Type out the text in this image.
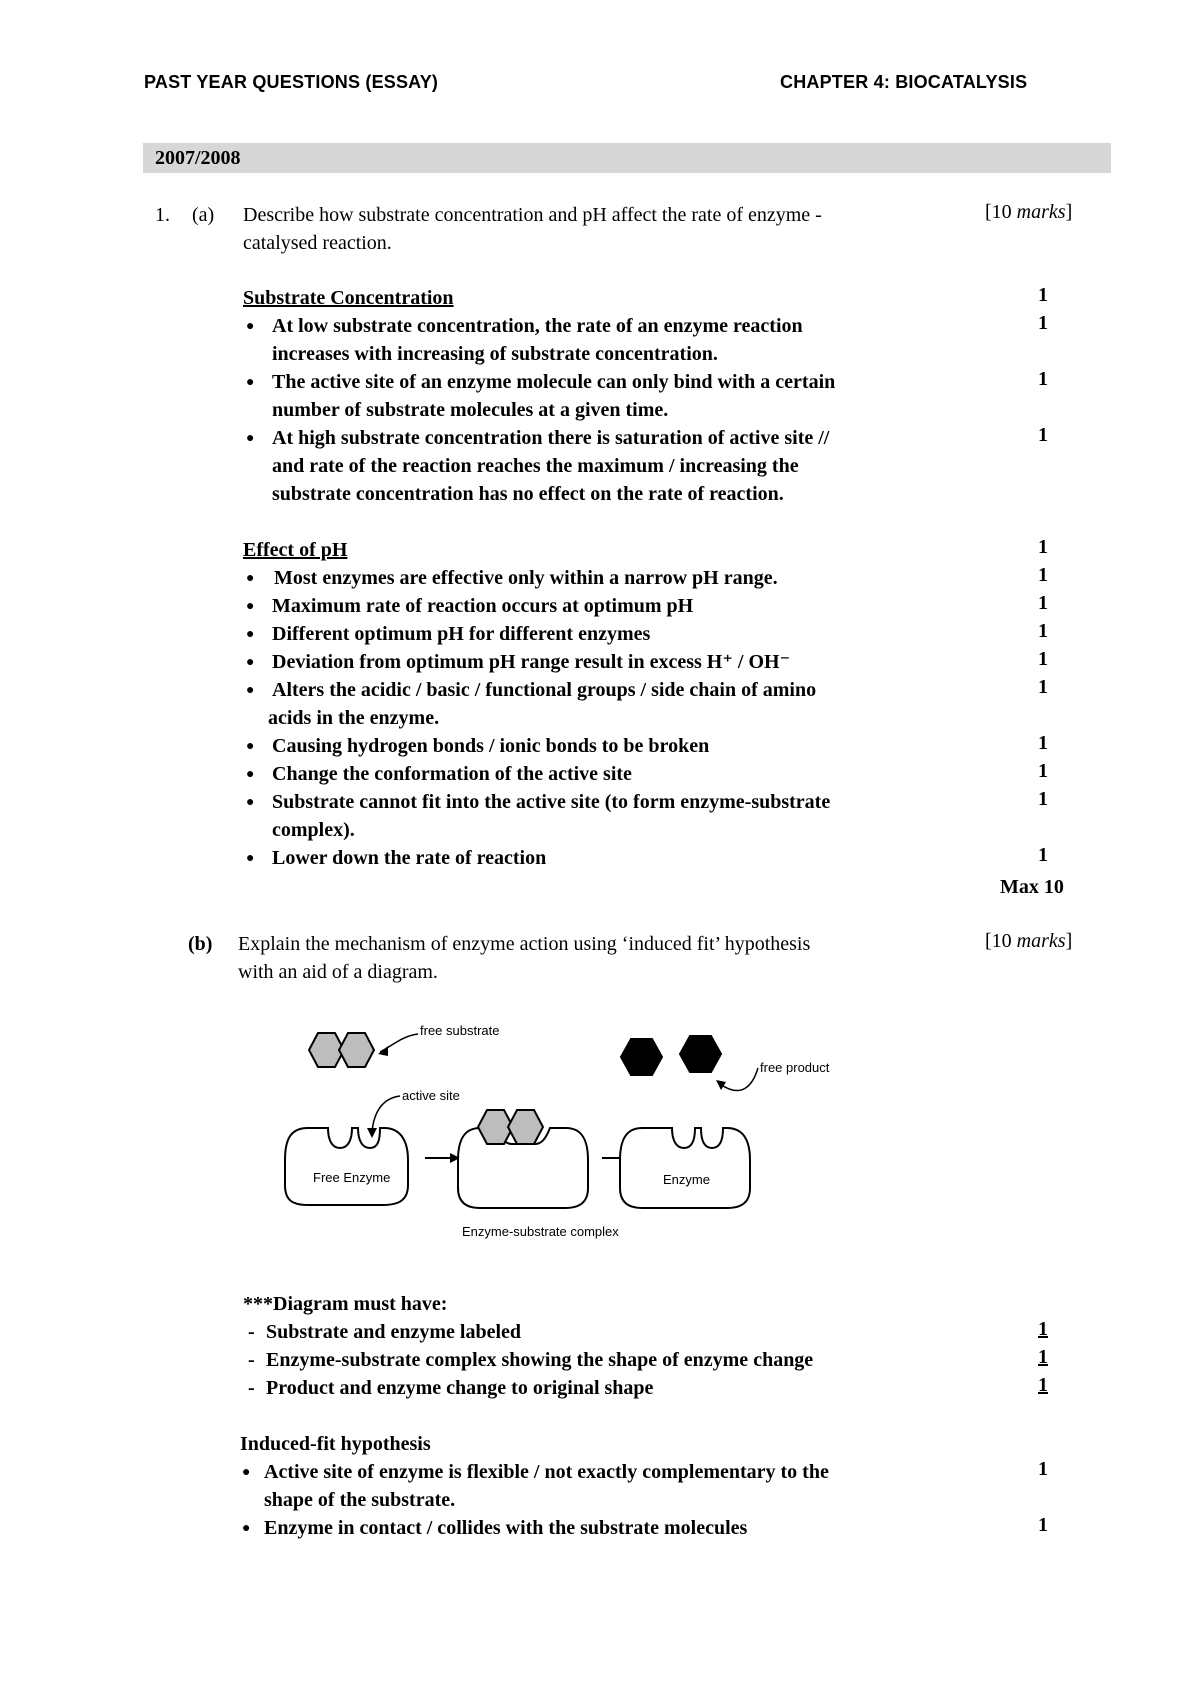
PAST YEAR QUESTIONS (ESSAY)	CHAPTER 4: BIOCATALYSIS
2007/2008
1. (a) Describe how substrate concentration and pH affect the rate of enzyme -
catalysed reaction.
[10 marks]
Substrate Concentration	1
● At low substrate concentration, the rate of an enzyme reaction
increases with increasing of substrate concentration.
1
● The active site of an enzyme molecule can only bind with a certain
number of substrate molecules at a given time.
1
● At high substrate concentration there is saturation of active site //
and rate of the reaction reaches the maximum / increasing the
substrate concentration has no effect on the rate of reaction.
1
Effect of pH	1
● Most enzymes are effective only within a narrow pH range.	1
● Maximum rate of reaction occurs at optimum pH	1
● Different optimum pH for different enzymes	1
● Deviation from optimum pH range result in excess H⁺ / OH⁻	1
● Alters the acidic / basic / functional groups / side chain of amino
acids in the enzyme.
1
● Causing hydrogen bonds / ionic bonds to be broken	1
● Change the conformation of the active site	1
● Substrate cannot fit into the active site (to form enzyme-substrate
complex).
1
● Lower down the rate of reaction	1
Max 10
(b) Explain the mechanism of enzyme action using ‘induced fit’ hypothesis
with an aid of a diagram.
[10 marks]
free substrate
Free Enzyme
active site
Enzyme-substrate complex
free product
Enzyme
***Diagram must have:
- Substrate and enzyme labeled	1
- Enzyme-substrate complex showing the shape of enzyme change	1
- Product and enzyme change to original shape	1
Induced-fit hypothesis
● Active site of enzyme is flexible / not exactly complementary to the
shape of the substrate.
1
● Enzyme in contact / collides with the substrate molecules	1
